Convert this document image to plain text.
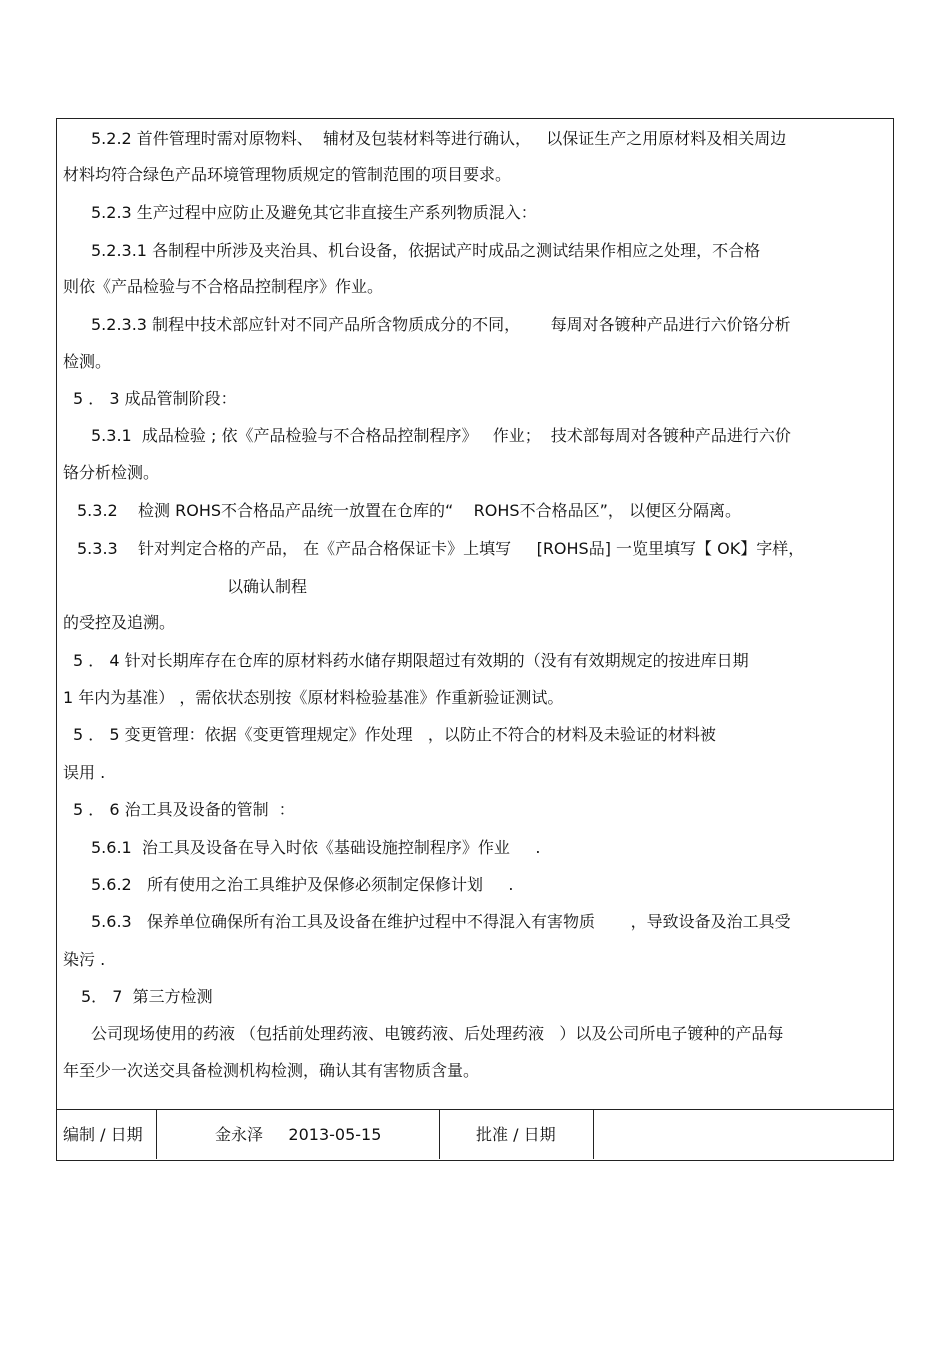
5.2.2 首件管理时需对原物料、  辅材及包装材料等进行确认，   以保证生产之用原材料及相关周边
材料均符合绿色产品环境管理物质规定的管制范围的项目要求。
5.2.3 生产过程中应防止及避免其它非直接生产系列物质混入：
5.2.3.1 各制程中所涉及夹治具、机台设备，依据试产时成品之测试结果作相应之处理，不合格
则依《产品检验与不合格品控制程序》作业。
5.2.3.3 制程中技术部应针对不同产品所含物质成分的不同，      每周对各镀种产品进行六价铬分析
检测。
5 ． 3 成品管制阶段：
5.3.1  成品检验 ; 依《产品检验与不合格品控制程序》   作业；  技术部每周对各镀种产品进行六价
铬分析检测。
5.3.2    检测 ROHS不合格品产品统一放置在仓库的“    ROHS不合格品区”， 以便区分隔离。
5.3.3    针对判定合格的产品， 在《产品合格保证卡》上填写     [ROHS品] 一览里填写【 OK】字样，
以确认制程
的受控及追溯。
5 ． 4 针对长期库存在仓库的原材料药水储存期限超过有效期的（没有有效期规定的按进库日期
1 年内为基准） ，需依状态别按《原材料检验基准》作重新验证测试。
5 ． 5 变更管理：依据《变更管理规定》作处理   ，以防止不符合的材料及未验证的材料被
误用 .
5 ． 6 治工具及设备的管制  ：
5.6.1  治工具及设备在导入时依《基础设施控制程序》作业     .
5.6.2   所有使用之治工具维护及保修必须制定保修计划     .
5.6.3   保养单位确保所有治工具及设备在维护过程中不得混入有害物质       ，导致设备及治工具受
染污 .
5． 7  第三方检测
公司现场使用的药液 （包括前处理药液、电镀药液、后处理药液   ）以及公司所电子镀种的产品每
年至少一次送交具备检测机构检测，确认其有害物质含量。
编制 / 日期	金永泽     2013-05-15	批准 / 日期
